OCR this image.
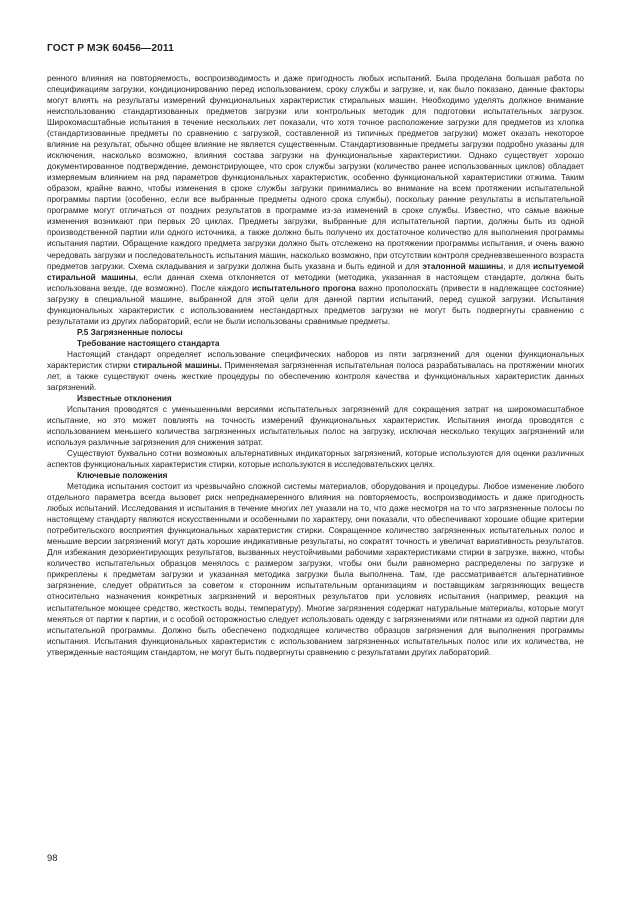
ГОСТ Р МЭК 60456—2011

ренного влияния на повторяемость, воспроизводимость и даже пригодность любых испытаний. Была проделана большая работа по спецификациям загрузки, кондиционированию перед использованием, сроку службы и загрузке, и, как было показано, данные факторы могут влиять на результаты измерений функциональных характеристик стиральных машин. Необходимо уделять должное внимание неиспользованию стандартизованных предметов загрузки или контрольных методик для подготовки испытательных загрузок. Широкомасштабные испытания в течение нескольких лет показали, что хотя точное расположение загрузки для предметов из хлопка (стандартизованные предметы по сравнению с загрузкой, составленной из типичных предметов загрузки) может оказать некоторое влияние на результат, обычно общее влияние не является существенным. Стандартизованные предметы загрузки подробно указаны для исключения, насколько возможно, влияния состава загрузки на функциональные характеристики. Однако существует хорошо документированное подтверждение, демонстрирующее, что срок службы загрузки (количество ранее использованных циклов) обладает измеряемым влиянием на ряд параметров функциональных характеристик, особенно функциональной характеристики отжима. Таким образом, крайне важно, чтобы изменения в сроке службы загрузки принимались во внимание на всем протяжении испытательной программы партии (особенно, если все выбранные предметы одного срока службы), поскольку ранние результаты в испытательной программе могут отличаться от поздних результатов в программе из-за изменений в сроке службы. Известно, что самые важные изменения возникают при первых 20 циклах. Предметы загрузки, выбранные для испытательной партии, должны быть из одной производственной партии или одного источника, а также должно быть получено их достаточное количество для выполнения программы испытания партии. Обращение каждого предмета загрузки должно быть отслежено на протяжении программы испытания, и очень важно чередовать загрузки и последовательность испытания машин, насколько возможно, при отсутствии контроля средневзвешенного возраста предметов загрузки. Схема складывания и загрузки должна быть указана и быть единой и для эталонной машины, и для испытуемой стиральной машины, если данная схема отклоняется от методики (методика, указанная в настоящем стандарте, должна быть использована везде, где возможно). После каждого испытательного прогона важно прополоскать (привести в надлежащее состояние) загрузку в специальной машине, выбранной для этой цели для данной партии испытаний, перед сушкой загрузки. Испытания функциональных характеристик с использованием нестандартных предметов загрузки не могут быть подвергнуты сравнению с результатами из других лабораторий, если не были использованы сравнимые предметы.

P.5 Загрязненные полосы
Требование настоящего стандарта

Настоящий стандарт определяет использование специфических наборов из пяти загрязнений для оценки функциональных характеристик стирки стиральной машины. Применяемая загрязненная испытательная полоса разрабатывалась на протяжении многих лет, а также существуют очень жесткие процедуры по обеспечению контроля качества и функциональных характеристик данных загрязнений.

Известные отклонения

Испытания проводятся с уменьшенными версиями испытательных загрязнений для сокращения затрат на широкомасштабное испытание, но это может повлиять на точность измерений функциональных характеристик. Испытания иногда проводятся с использованием меньшего количества загрязненных испытательных полос на загрузку, исключая несколько текущих загрязнений или используя различные загрязнения для снижения затрат.

Существуют буквально сотни возможных альтернативных индикаторных загрязнений, которые используются для оценки различных аспектов функциональных характеристик стирки, которые используются в исследовательских целях.

Ключевые положения

Методика испытания состоит из чрезвычайно сложной системы материалов, оборудования и процедуры. Любое изменение любого отдельного параметра всегда вызовет риск непреднамеренного влияния на повторяемость, воспроизводимость и даже пригодность любых испытаний. Исследования и испытания в течение многих лет указали на то, что даже несмотря на то что загрязненные полосы по настоящему стандарту являются искусственными и особенными по характеру, они показали, что обеспечивают хорошие общие критерии потребительского восприятия функциональных характеристик стирки. Сокращенное количество загрязненных испытательных полос и меньшие версии загрязнений могут дать хорошие индикативные результаты, но сократят точность и увеличат вариативность результатов. Для избежания дезориентирующих результатов, вызванных неустойчивыми рабочими характеристиками стирки в загрузке, важно, чтобы количество испытательных образцов менялось с размером загрузки, чтобы они были равномерно распределены по загрузке и прикреплены к предметам загрузки и указанная методика загрузки была выполнена. Там, где рассматривается альтернативное загрязнение, следует обратиться за советом к сторонним испытательным организациям и поставщикам загрязняющих веществ относительно назначения конкретных загрязнений и вероятных результатов при условиях испытания (например, реакция на испытательное моющее средство, жесткость воды, температуру). Многие загрязнения содержат натуральные материалы, которые могут меняться от партии к партии, и с особой осторожностью следует использовать одежду с загрязнениями или пятнами из одной партии для испытательной программы. Должно быть обеспечено подходящее количество образцов загрязнения для выполнения программы испытания. Испытания функциональных характеристик с использованием загрязненных испытательных полос или их количества, не утвержденные настоящим стандартом, не могут быть подвергнуты сравнению с результатами других лабораторий.

98
